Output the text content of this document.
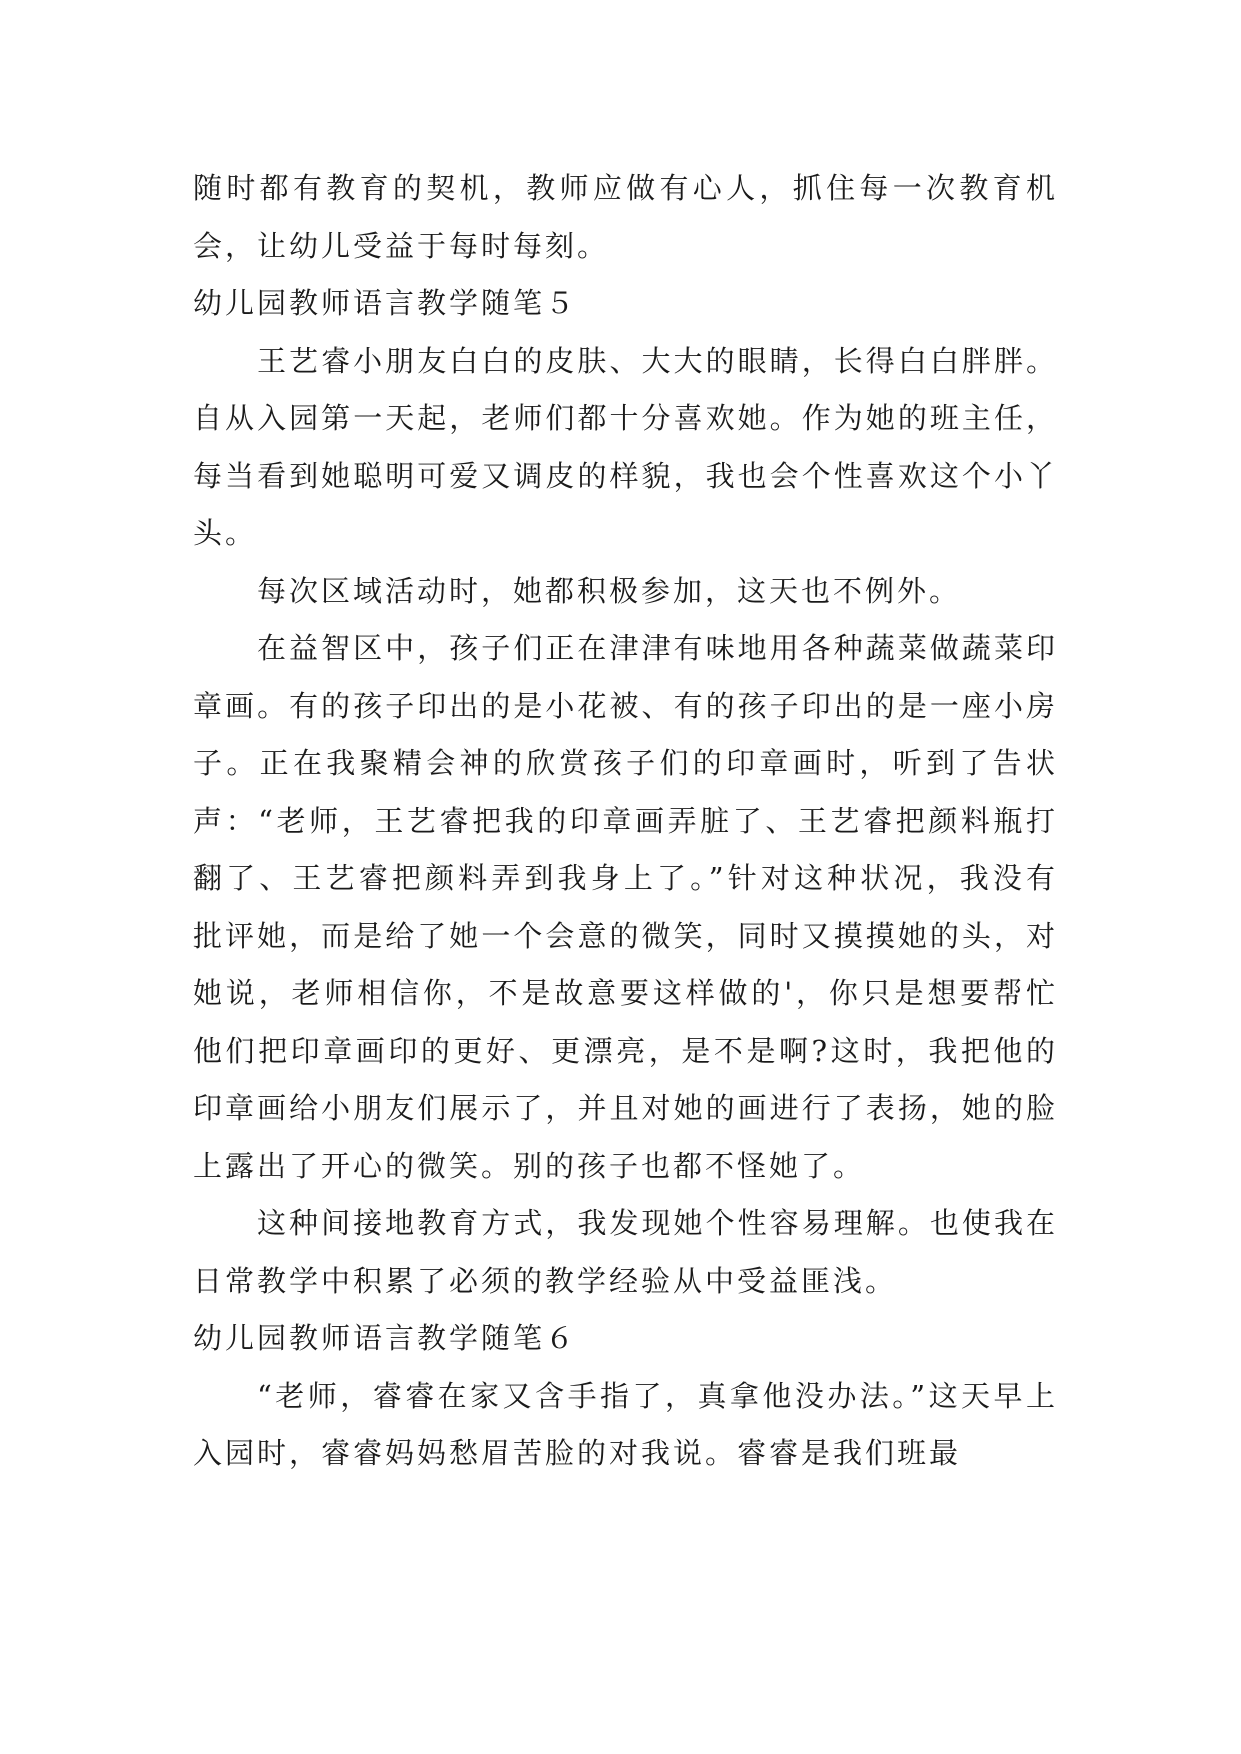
随时都有教育的契机，教师应做有心人，抓住每一次教育机会，让幼儿受益于每时每刻。

幼儿园教师语言教学随笔５

王艺睿小朋友白白的皮肤、大大的眼睛，长得白白胖胖。自从入园第一天起，老师们都十分喜欢她。作为她的班主任，每当看到她聪明可爱又调皮的样貌，我也会个性喜欢这个小丫头。

每次区域活动时，她都积极参加，这天也不例外。

在益智区中，孩子们正在津津有味地用各种蔬菜做蔬菜印章画。有的孩子印出的是小花被、有的孩子印出的是一座小房子。正在我聚精会神的欣赏孩子们的印章画时，听到了告状声：“老师，王艺睿把我的印章画弄脏了、王艺睿把颜料瓶打翻了、王艺睿把颜料弄到我身上了。”针对这种状况，我没有批评她，而是给了她一个会意的微笑，同时又摸摸她的头，对她说，老师相信你，不是故意要这样做的'，你只是想要帮忙他们把印章画印的更好、更漂亮，是不是啊?这时，我把他的印章画给小朋友们展示了，并且对她的画进行了表扬，她的脸上露出了开心的微笑。别的孩子也都不怪她了。

这种间接地教育方式，我发现她个性容易理解。也使我在日常教学中积累了必须的教学经验从中受益匪浅。

幼儿园教师语言教学随笔６

“老师，睿睿在家又含手指了，真拿他没办法。”这天早上入园时，睿睿妈妈愁眉苦脸的对我说。睿睿是我们班最
